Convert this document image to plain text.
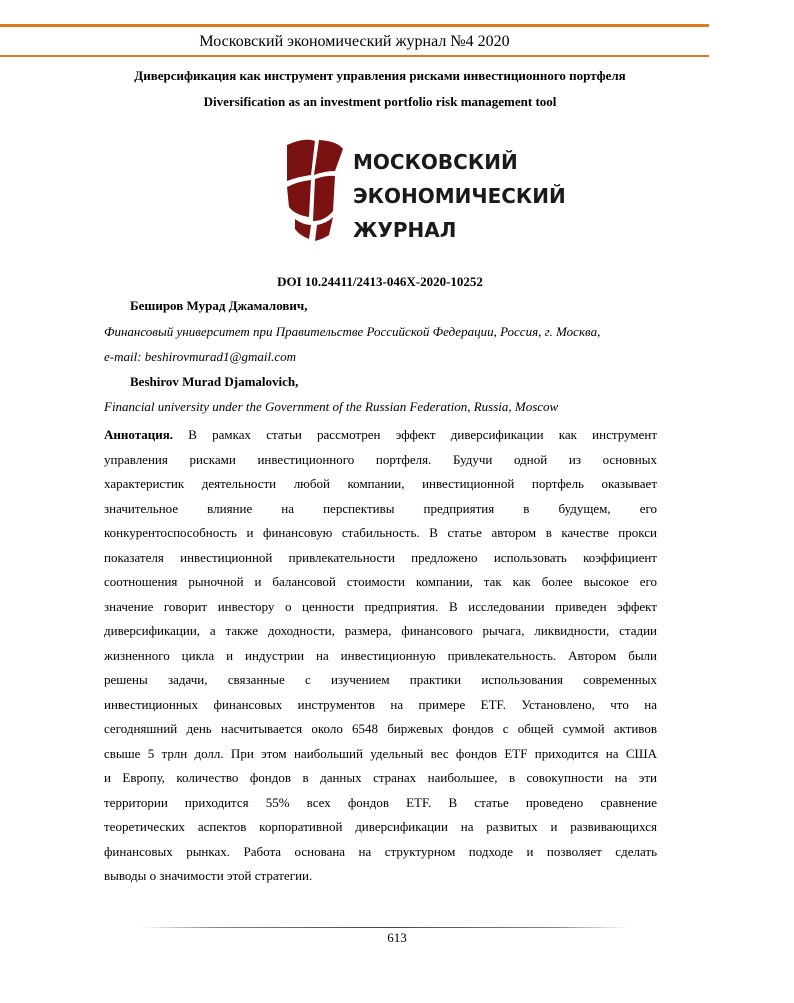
Московский экономический журнал №4 2020
Диверсификация как инструмент управления рисками инвестиционного портфеля
Diversification as an investment portfolio risk management tool
МОСКОВСКИЙ
ЭКОНОМИЧЕСКИЙ
ЖУРНАЛ
DOI 10.24411/2413-046Х-2020-10252
Беширов Мурад Джамалович,
Финансовый университет при Правительстве Российской Федерации, Россия, г. Москва,
e-mail: beshirovmurad1@gmail.com
Beshirov Murad Djamalovich,
Financial university under the Government of the Russian Federation, Russia, Moscow
Аннотация. В рамках статьи рассмотрен эффект диверсификации как инструмент
управления рисками инвестиционного портфеля. Будучи одной из основных
характеристик деятельности любой компании, инвестиционной портфель оказывает
значительное влияние на перспективы предприятия в будущем, его
конкурентоспособность и финансовую стабильность. В статье автором в качестве прокси
показателя инвестиционной привлекательности предложено использовать коэффициент
соотношения рыночной и балансовой стоимости компании, так как более высокое его
значение говорит инвестору о ценности предприятия. В исследовании приведен эффект
диверсификации, а также доходности, размера, финансового рычага, ликвидности, стадии
жизненного цикла и индустрии на инвестиционную привлекательность. Автором были
решены задачи, связанные с изучением практики использования современных
инвестиционных финансовых инструментов на примере ETF. Установлено, что на
сегодняшний день насчитывается около 6548 биржевых фондов с общей суммой активов
свыше 5 трлн долл. При этом наибольший удельный вес фондов ETF приходится на США
и Европу, количество фондов в данных странах наибольшее, в совокупности на эти
территории приходится 55% всех фондов ETF. В статье проведено сравнение
теоретических аспектов корпоративной диверсификации на развитых и развивающихся
финансовых рынках. Работа основана на структурном подходе и позволяет сделать
выводы о значимости этой стратегии.
613
